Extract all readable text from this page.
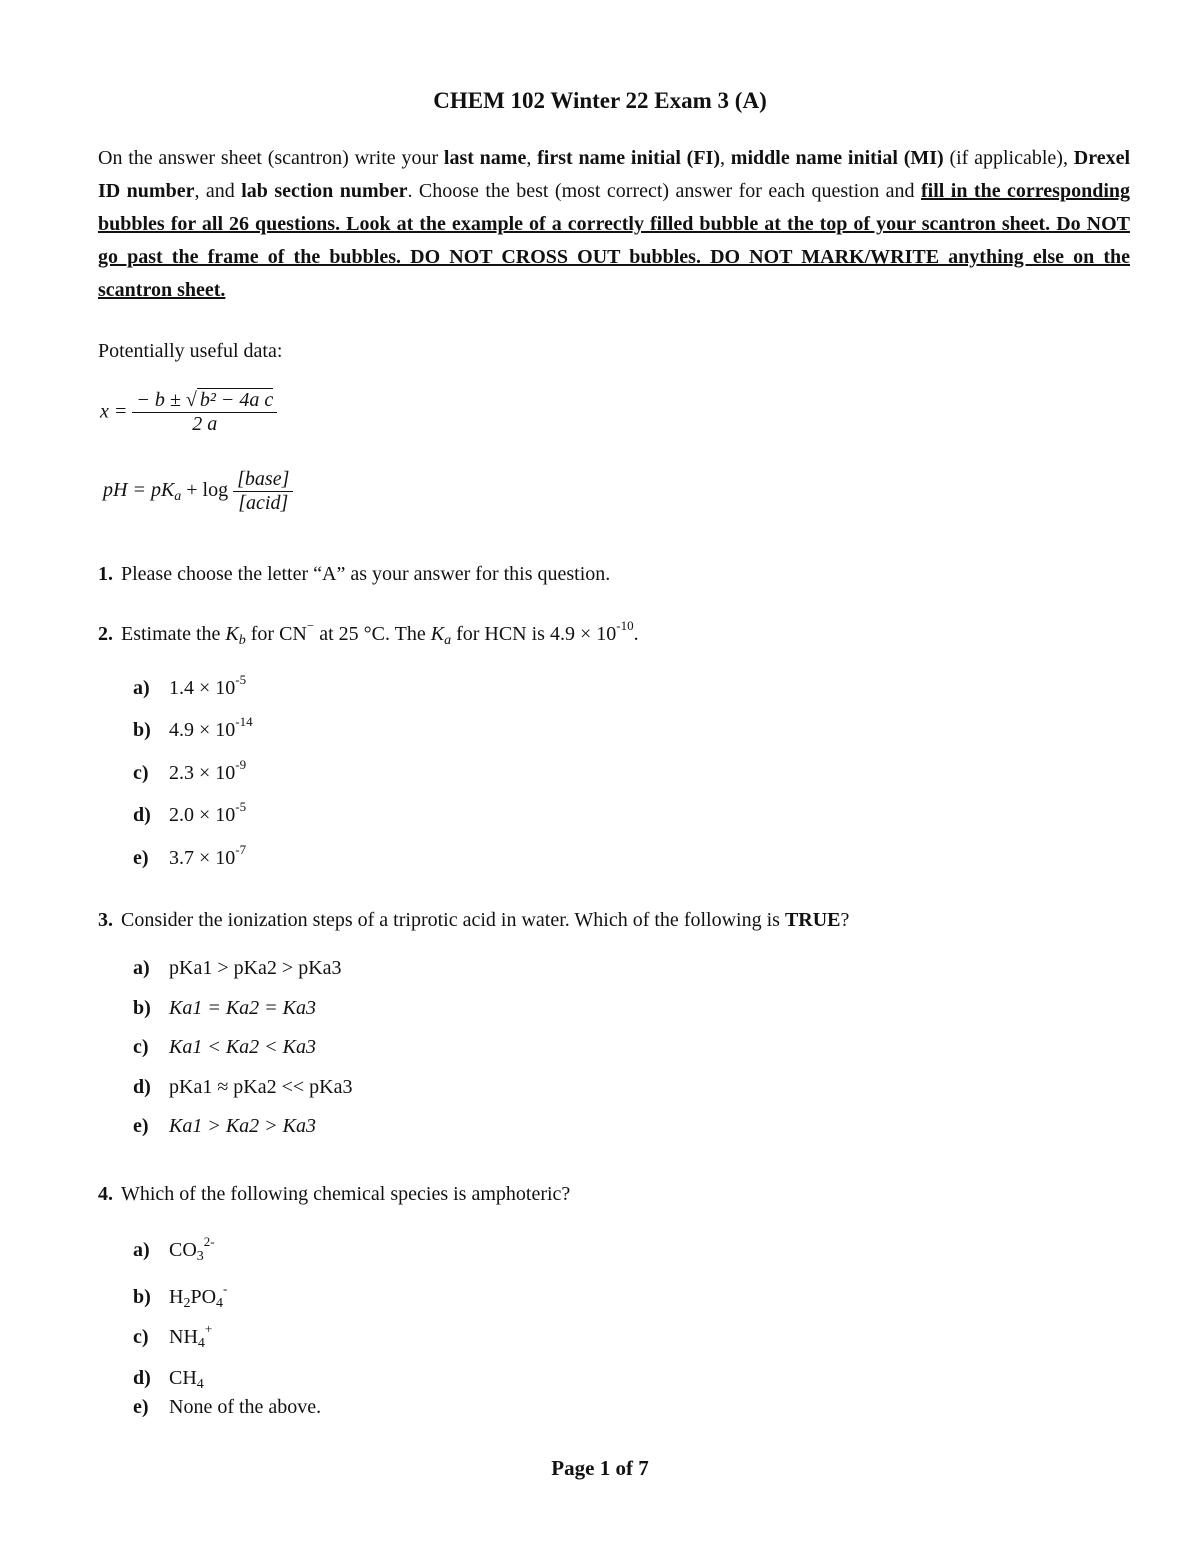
CHEM 102 Winter 22 Exam 3 (A)
On the answer sheet (scantron) write your last name, first name initial (FI), middle name initial (MI) (if applicable), Drexel ID number, and lab section number. Choose the best (most correct) answer for each question and fill in the corresponding bubbles for all 26 questions. Look at the example of a correctly filled bubble at the top of your scantron sheet. Do NOT go past the frame of the bubbles. DO NOT CROSS OUT bubbles. DO NOT MARK/WRITE anything else on the scantron sheet.
Potentially useful data:
$x = \frac{\text{− b ± √ b² − 4a c}}{2 a}$
pH = $pK_a + \log \frac{\text{[base]}}{\text{[acid]}}$
1. Please choose the letter “A” as your answer for this question.
2. Estimate the $K_b$ for CN− at 25 °C. The $K_a$ for HCN is $4.9 \times 10^{-10}$.
a) $1.4 \times 10^{-5}$
b) $4.9 \times 10^{-14}$
c) $2.3 \times 10^{-9}$
d) $2.0 \times 10^{-5}$
e) $3.7 \times 10^{-7}$
3. Consider the ionization steps of a triprotic acid in water. Which of the following is TRUE?
a) pKa1 > pKa2 > pKa3
b) Ka1 = Ka2 = Ka3
c) Ka1 < Ka2 < Ka3
d) pKa1 ≈ pKa2 << pKa3
e) Ka1 > Ka2 > Ka3
4. Which of the following chemical species is amphoteric?
a) $CO_3^{2-}$
b) $H_2PO_4^-$
c) $NH_4^+$
d) $CH_4$
e) None of the above.
Page 1 of 7
